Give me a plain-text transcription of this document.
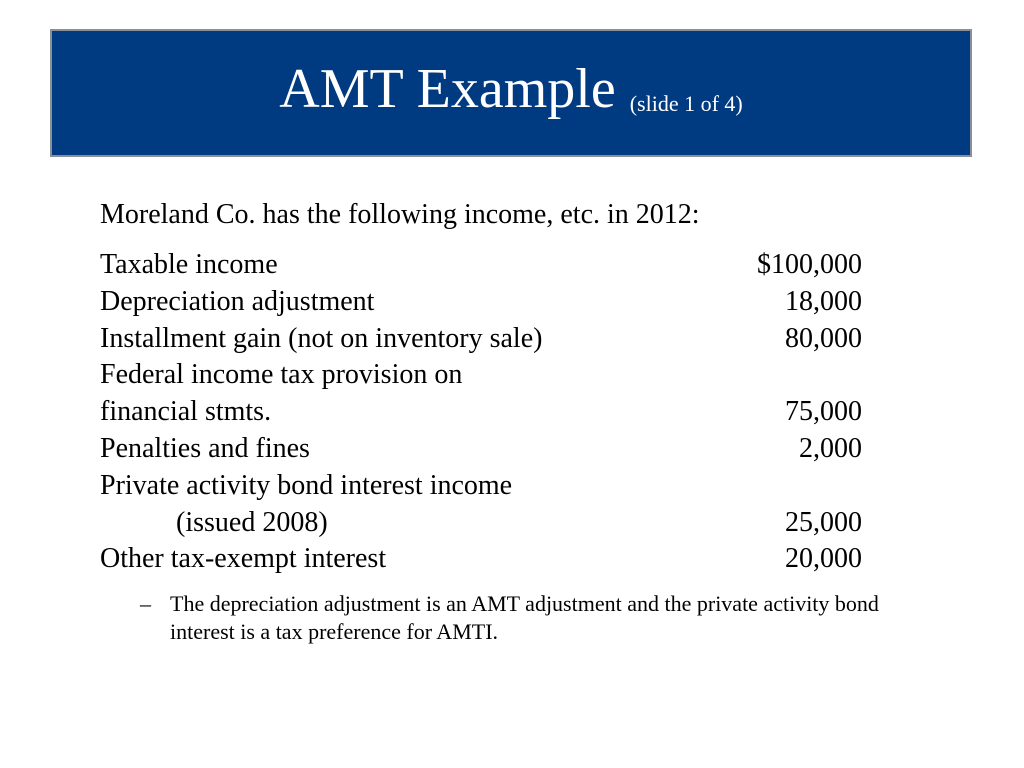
AMT Example (slide 1 of 4)
Moreland Co. has the following income, etc. in 2012:
Taxable income	$100,000
Depreciation adjustment	18,000
Installment gain (not on inventory sale)	80,000
Federal income tax provision on
financial stmts.	75,000
Penalties and fines	2,000
Private activity bond interest income
(issued 2008)	25,000
Other tax-exempt interest	20,000
– The depreciation adjustment is an AMT adjustment and the private activity bond interest is a tax preference for AMTI.
